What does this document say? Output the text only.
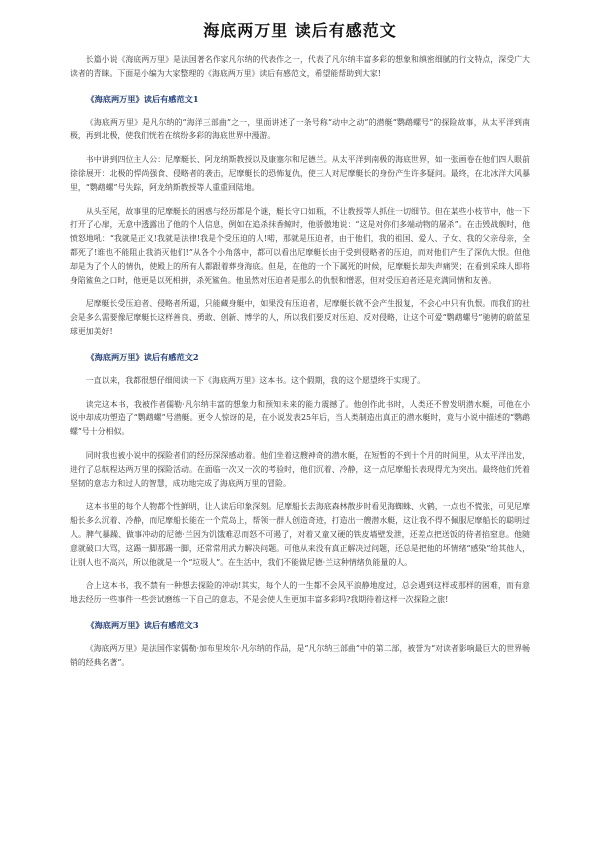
海底两万里 读后有感范文

长篇小说《海底两万里》是法国著名作家凡尔纳的代表作之一，代表了凡尔纳丰富多彩的想象和缜密细腻的行文特点，深受广大读者的青睐。下面是小编为大家整理的《海底两万里》读后有感范文，希望能帮助到大家!

《海底两万里》读后有感范文1

《海底两万里》是凡尔纳的“海洋三部曲”之一，里面讲述了一条号称“动中之动”的潜艇“鹦鹉螺号”的探险故事，从太平洋到南极，再到北极，使我们恍若在缤纷多彩的海底世界中漫游。

书中讲到四位主人公：尼摩艇长、阿龙纳斯教授以及康塞尔和尼德兰。从太平洋到南极的海底世界，如一张画卷在他们四人眼前徐徐展开：北极的悍尚强食、侵略者的袭击，尼摩艇长的恐怖复仇，使三人对尼摩艇长的身份产生许多疑问。最终，在北冰洋大风暴里，“鹦鹉螺”号失踪，阿龙纳斯教授等人重重回陆地。

从头至尾，故事里的尼摩艇长的困惑与经历都是个谜，艇长守口如瓶，不让教授等人抓住一切细节。但在某些小枝节中，他一下打开了心扉，无意中透露出了他的个人信息，例如在追杀抹香鲸时，他骄傲地说：“这是对你们多端动物的屠杀”。在击毁战舰时，他愤怒地吼：“我就是正义!我就是法律!我是个受压迫的人!喏，那就是压迫者，由于他们，我的祖国、爱人、子女、我的父亲母亲，全都死了!谁也不能阻止我消灭他们!”从各个小角落中，都可以看出尼摩艇长由于受到侵略者的压迫，而对他们产生了深仇大恨。但他却是为了个人的情仇，使殿上的所有人都跟着葬身海底。但是，在他的一个下属死的时候，尼摩艇长却失声痛哭；在看到采珠人即将身陷鲨鱼之口时，他更是以死相拼，杀死鲨鱼。他虽然对压迫者是那么的仇恨和憎恶，但对受压迫者还是充满同情和友善。

尼摩艇长受压迫者、侵略者所逼，只能藏身艇中，如果没有压迫者，尼摩艇长就不会产生报复，不会心中只有仇恨。而我们的社会是多么需要像尼摩艇长这样善良、勇敢、创新、博学的人，所以我们要反对压迫、反对侵略，让这个可爱“鹦鹉螺号”驰骋的蔚蓝星球更加美好!

《海底两万里》读后有感范文2

一直以来，我都很想仔细阅读一下《海底两万里》这本书。这个假期，我的这个愿望终于实现了。

读完这本书，我被作者儒勒·凡尔纳丰富的想象力和预知未来的能力震撼了。他创作此书时，人类还不曾发明潜水艇，可他在小说中却成功塑造了“鹦鹉螺”号潜艇。更令人惊讶的是，在小说发表25年后，当人类制造出真正的潜水艇时，竟与小说中描述的“鹦鹉螺”号十分相似。

同时我也被小说中的探险者们的经历深深感动着。他们坐着这艘神奇的潜水艇，在短暂的不到十个月的时间里，从太平洋出发，进行了总航程达两万里的探险活动。在面临一次又一次的考验时，他们沉着、冷静，这一点尼摩船长表现得尤为突出。最终他们凭着坚韧的意志力和过人的智慧，成功地完成了海底两万里的冒险。

这本书里的每个人物都个性鲜明，让人读后印象深刻。尼摩船长去海底森林散步时看见海蜘蛛、火鹤，一点也不慌张，可见尼摩船长多么沉着、冷静，而尼摩船长能在一个荒岛上，帮领一群人创造奇迹，打造出一艘潜水艇，这让我不得不佩服尼摩船长的聪明过人。脾气暴躁、做事冲动的尼德·兰因为饥饿难忍而怒不可遏了，对着又童又硬的铁皮墙壁发泄，还差点把送饭的侍者掐窒息。他随意就破口大骂，这踢一脚那踢一脚，还常常用武力解决问题。可他从来没有真正解决过问题，还总是把他的坏情绪“感染”给其他人，让别人也不高兴，所以他就是一个“垃圾人”。在生活中，我们不能做尼德·兰这种情绪负能量的人。

合上这本书，我不禁有一种想去探险的冲动!其实，每个人的一生都不会风平浪静地度过，总会遇到这样或那样的困难，而有意地去经历一些事件一些尝试磨练一下自己的意志，不是会使人生更加丰富多彩吗?我期待着这样一次探险之旅!

《海底两万里》读后有感范文3

《海底两万里》是法国作家儒勒·加布里埃尔·凡尔纳的作品，是“凡尔纳三部曲”中的第二部，被誉为“对读者影响最巨大的世界畅销的经典名著”。
